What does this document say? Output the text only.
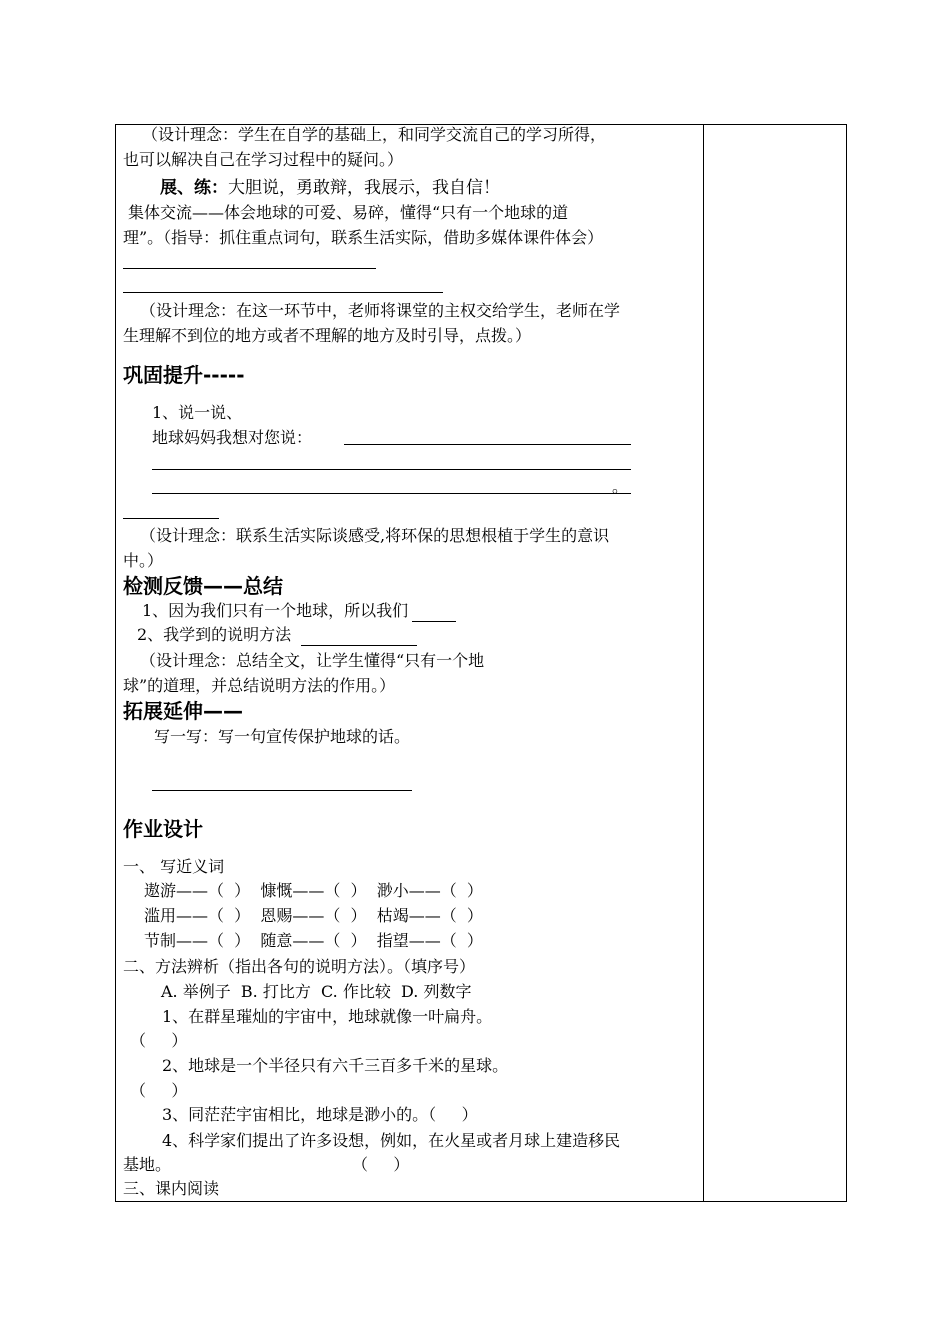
（设计理念：学生在自学的基础上，和同学交流自己的学习所得，
也可以解决自己在学习过程中的疑问。）
展、练：大胆说，勇敢辩，我展示，我自信！
集体交流——体会地球的可爱、易碎，懂得“只有一个地球的道
理”。（指导：抓住重点词句，联系生活实际，借助多媒体课件体会）
（设计理念：在这一环节中，老师将课堂的主权交给学生，老师在学
生理解不到位的地方或者不理解的地方及时引导，点拨。）
巩固提升-----
1、说一说、
地球妈妈我想对您说：
。
（设计理念：联系生活实际谈感受,将环保的思想根植于学生的意识
中。）
检测反馈——总结
1、因为我们只有一个地球，所以我们
2、我学到的说明方法
（设计理念：总结全文，让学生懂得“只有一个地
球”的道理，并总结说明方法的作用。）
拓展延伸——
写一写：写一句宣传保护地球的话。
作业设计
一、 写近义词
遨游——（  ）  慷慨——（  ）  渺小——（  ）
滥用——（  ）  恩赐——（  ）  枯竭——（  ）
节制——（  ）  随意——（  ）  指望——（  ）
二、方法辨析（指出各句的说明方法）。（填序号）
A. 举例子  B. 打比方  C. 作比较  D. 列数字
1、在群星璀灿的宇宙中，地球就像一叶扁舟。
（     ）
2、地球是一个半径只有六千三百多千米的星球。
（     ）
3、同茫茫宇宙相比，地球是渺小的。（     ）
4、科学家们提出了许多设想，例如，在火星或者月球上建造移民
基地。	（     ）
三、课内阅读
